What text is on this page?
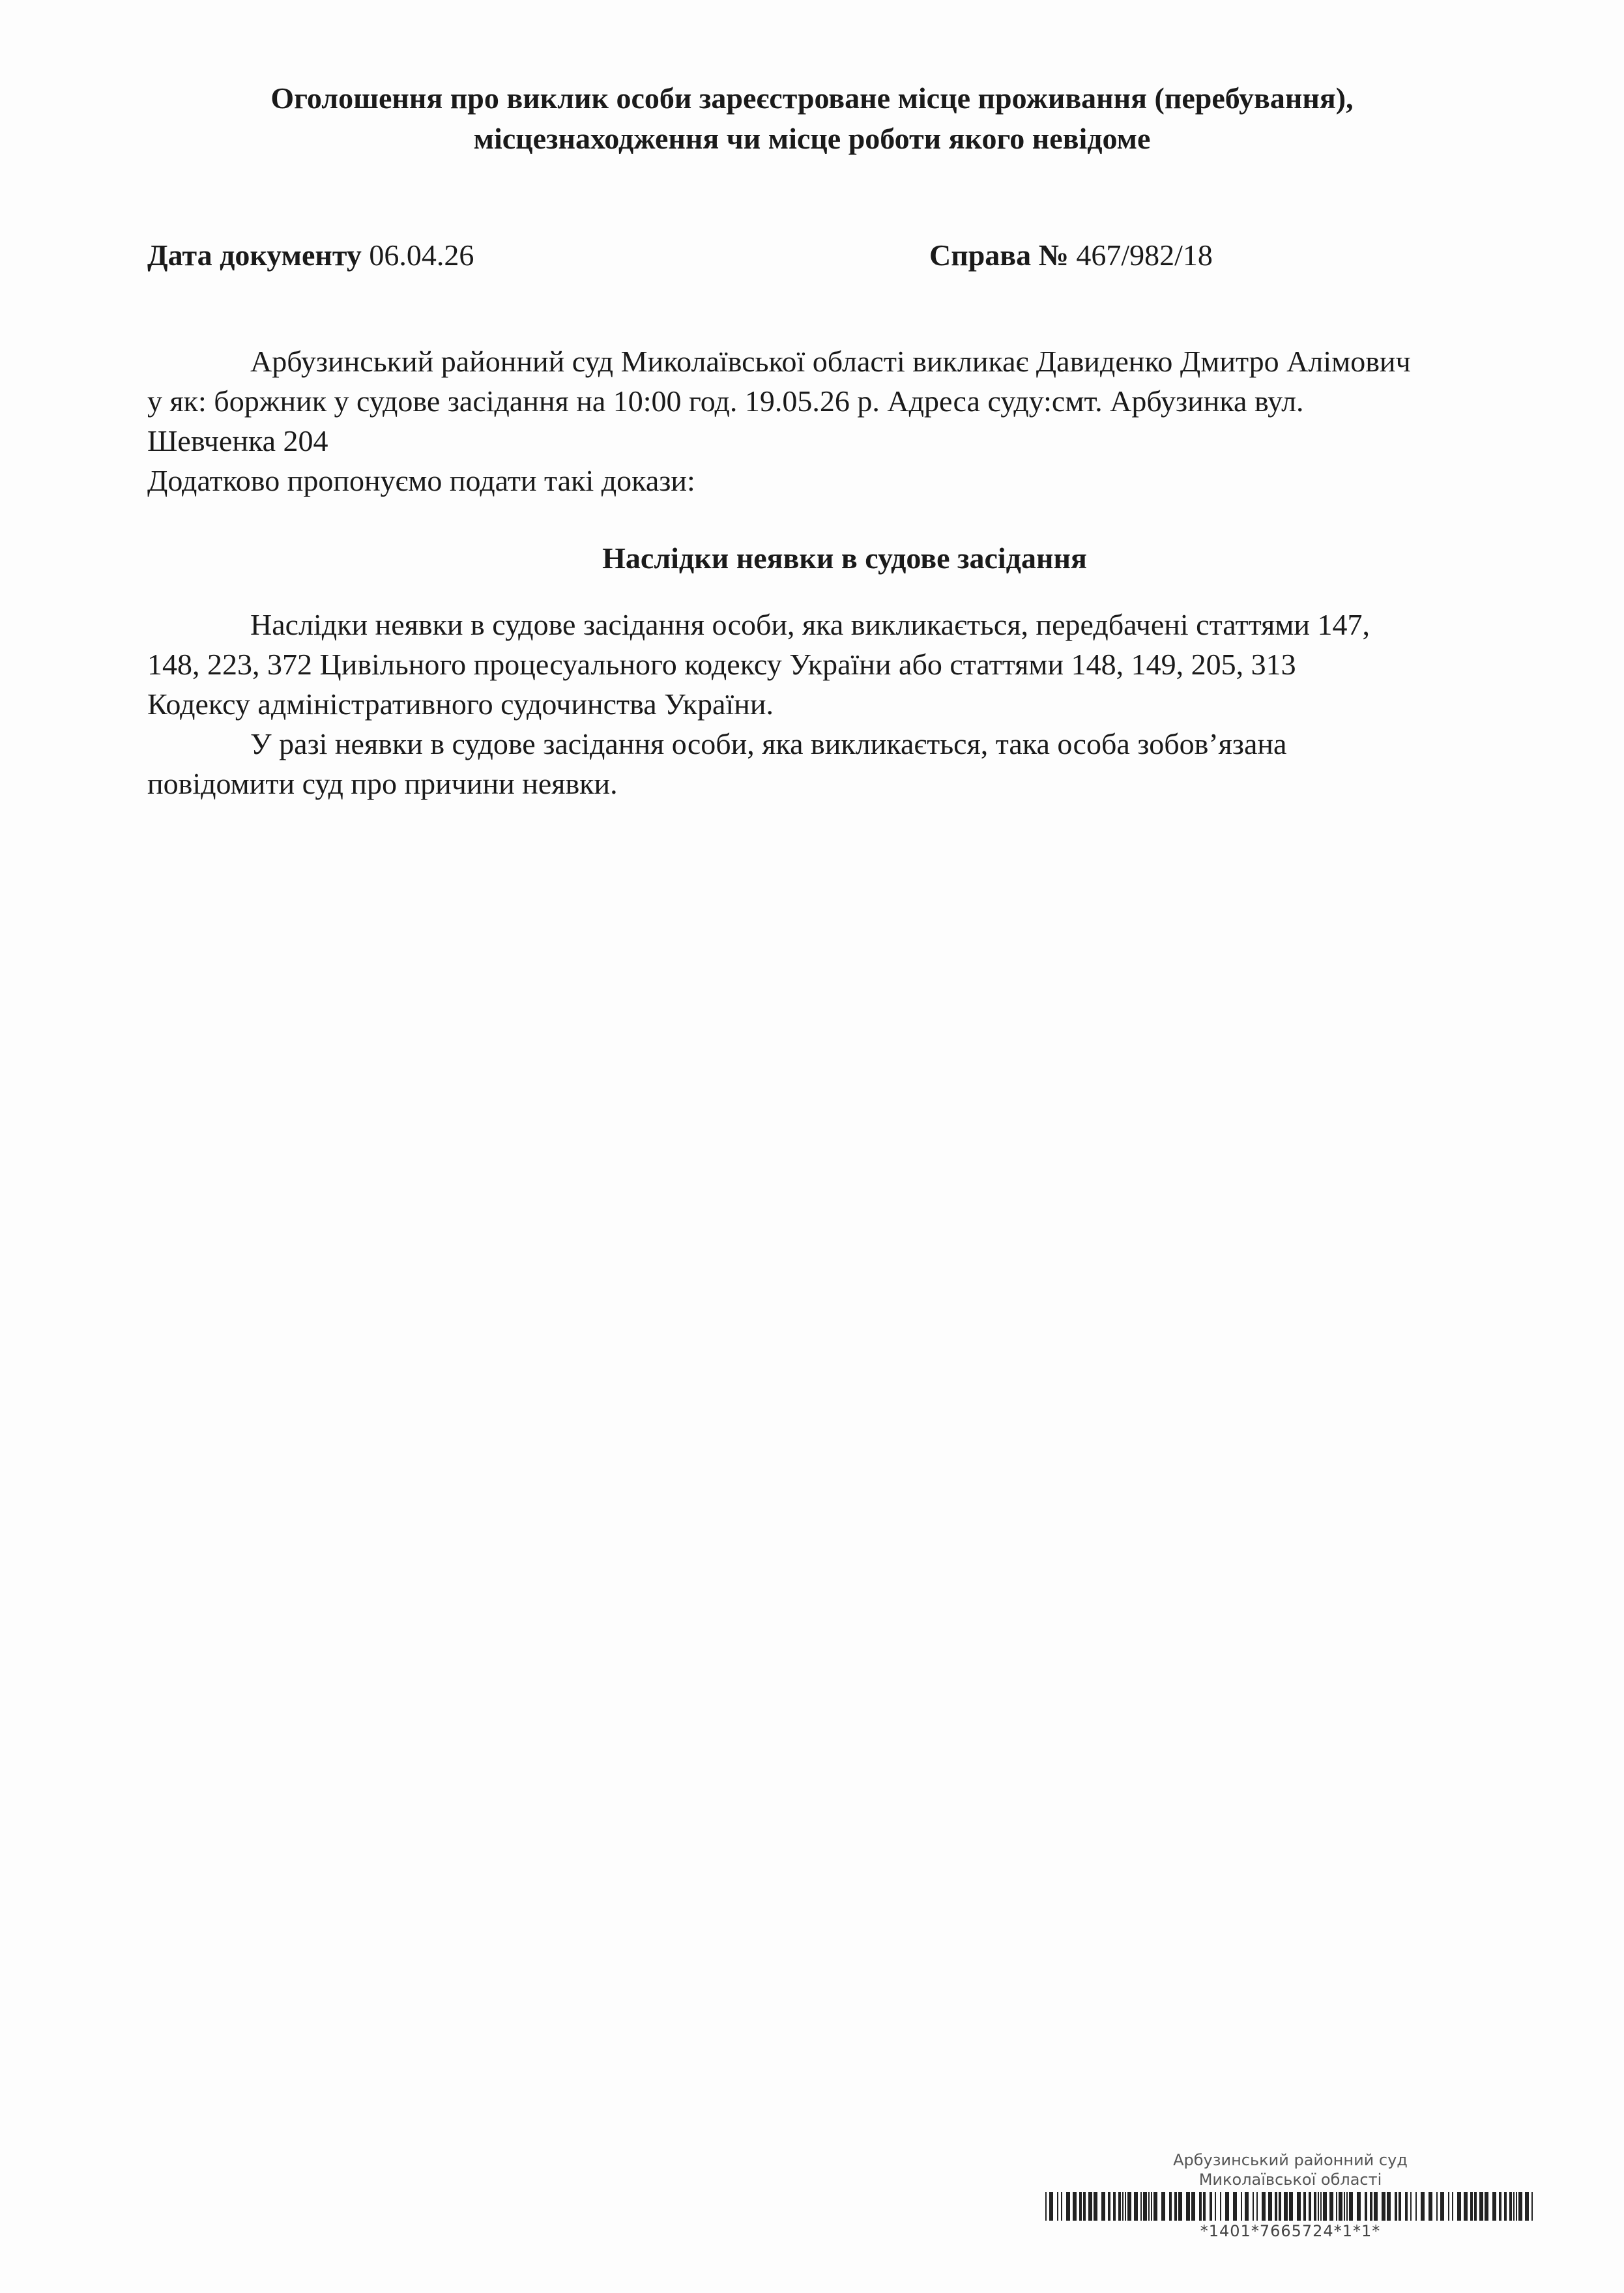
Оголошення про виклик особи зареєстроване місце проживання (перебування),
місцезнаходження чи місце роботи якого невідоме
Дата документу 06.04.26	Справа № 467/982/18
Арбузинський районний суд Миколаївської області викликає Давиденко Дмитро Алімович
у як: боржник у судове засідання на 10:00 год. 19.05.26 р. Адреса суду:смт. Арбузинка вул.
Шевченка 204
Додатково пропонуємо подати такі докази:
Наслідки неявки в судове засідання
Наслідки неявки в судове засідання особи, яка викликається, передбачені статтями 147,
148, 223, 372 Цивільного процесуального кодексу України або статтями 148, 149, 205, 313
Кодексу адміністративного судочинства України.
У разі неявки в судове засідання особи, яка викликається, така особа зобов’язана
повідомити суд про причини неявки.
Арбузинський районний суд
Миколаївської області
*1401*7665724*1*1*
